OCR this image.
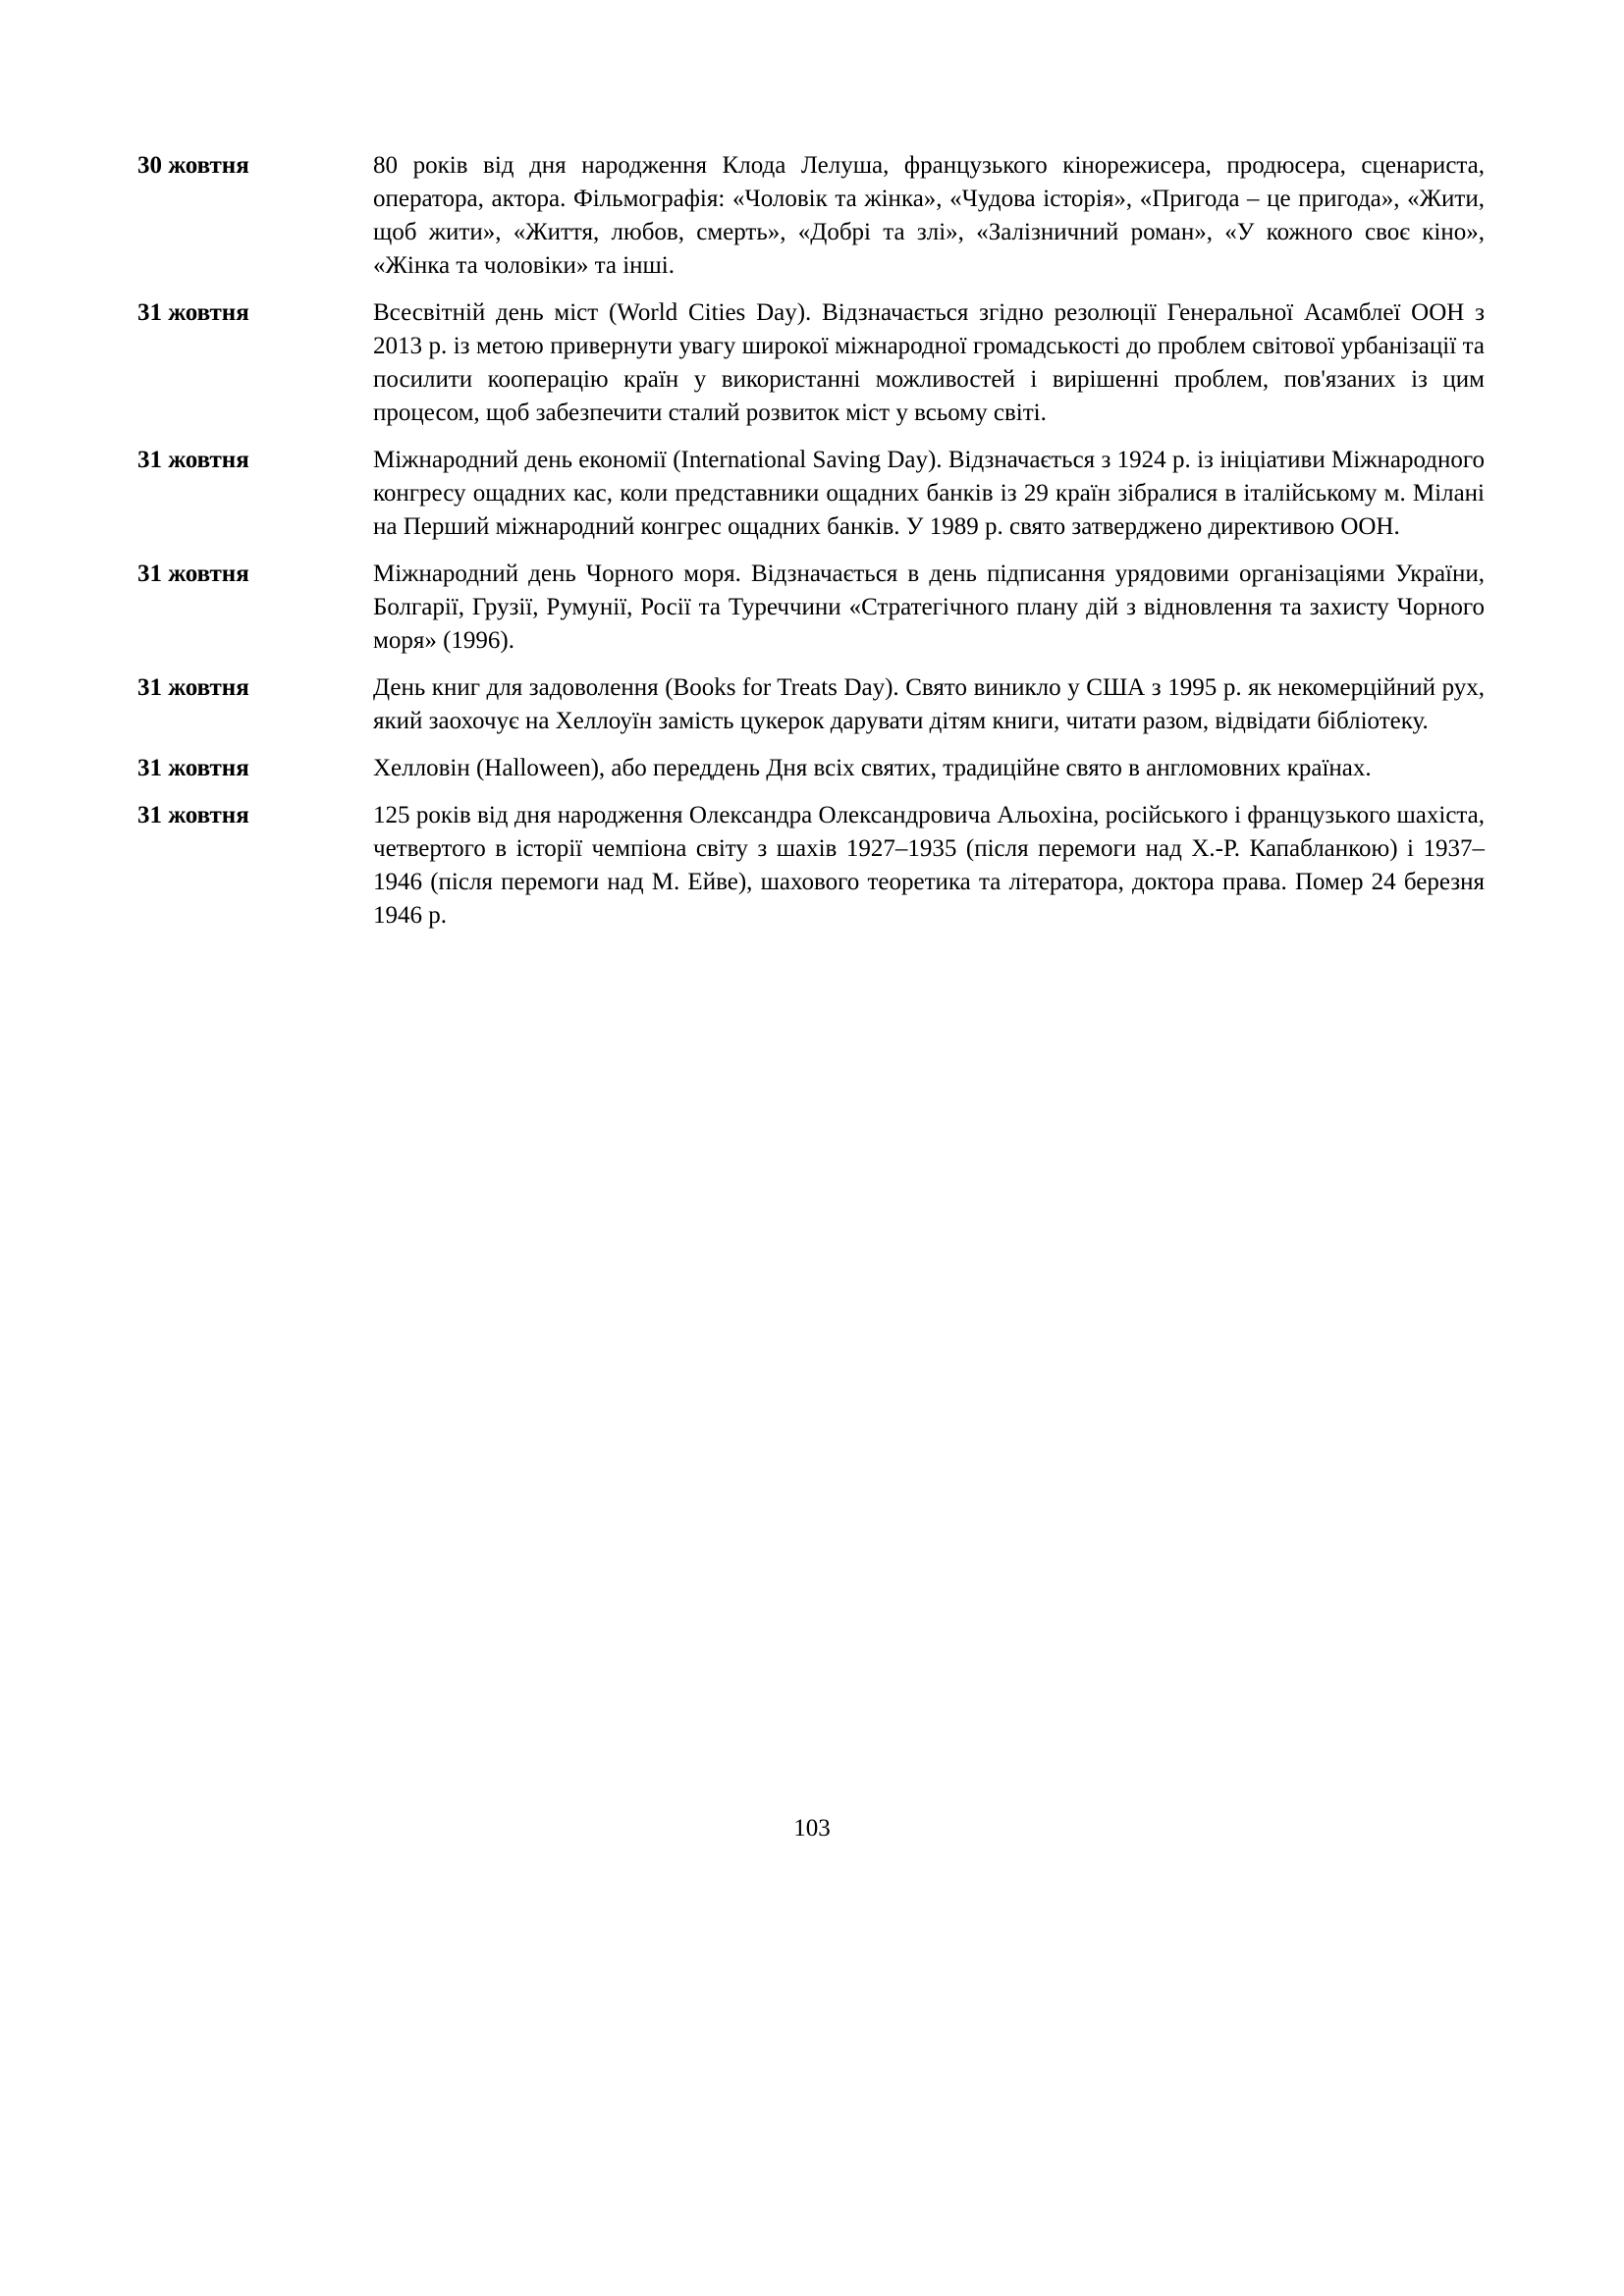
30 жовтня	80 років від дня народження Клода Лелуша, французького кінорежисера, продюсера, сценариста, оператора, актора. Фільмографія: «Чоловік та жінка», «Чудова історія», «Пригода – це пригода», «Жити, щоб жити», «Життя, любов, смерть», «Добрі та злі», «Залізничний роман», «У кожного своє кіно», «Жінка та чоловіки» та інші.
31 жовтня	Всесвітній день міст (World Cities Day). Відзначається згідно резолюції Генеральної Асамблеї ООН з 2013 р. із метою привернути увагу широкої міжнародної громадськості до проблем світової урбанізації та посилити кооперацію країн у використанні можливостей і вирішенні проблем, пов'язаних із цим процесом, щоб забезпечити сталий розвиток міст у всьому світі.
31 жовтня	Міжнародний день економії (International Saving Day). Відзначається з 1924 р. із ініціативи Міжнародного конгресу ощадних кас, коли представники ощадних банків із 29 країн зібралися в італійському м. Мілані на Перший міжнародний конгрес ощадних банків. У 1989 р. свято затверджено директивою ООН.
31 жовтня	Міжнародний день Чорного моря. Відзначається в день підписання урядовими організаціями України, Болгарії, Грузії, Румунії, Росії та Туреччини «Стратегічного плану дій з відновлення та захисту Чорного моря» (1996).
31 жовтня	День книг для задоволення (Books for Treats Day). Свято виникло у США з 1995 р. як некомерційний рух, який заохочує на Хеллоуїн замість цукерок дарувати дітям книги, читати разом, відвідати бібліотеку.
31 жовтня	Хелловін (Halloween), або переддень Дня всіх святих, традиційне свято в англомовних країнах.
31 жовтня	125 років від дня народження Олександра Олександровича Альохіна, російського і французького шахіста, четвертого в історії чемпіона світу з шахів 1927–1935 (після перемоги над Х.-Р. Капабланкою) і 1937–1946 (після перемоги над М. Ейве), шахового теоретика та літератора, доктора права. Помер 24 березня 1946 р.
103
